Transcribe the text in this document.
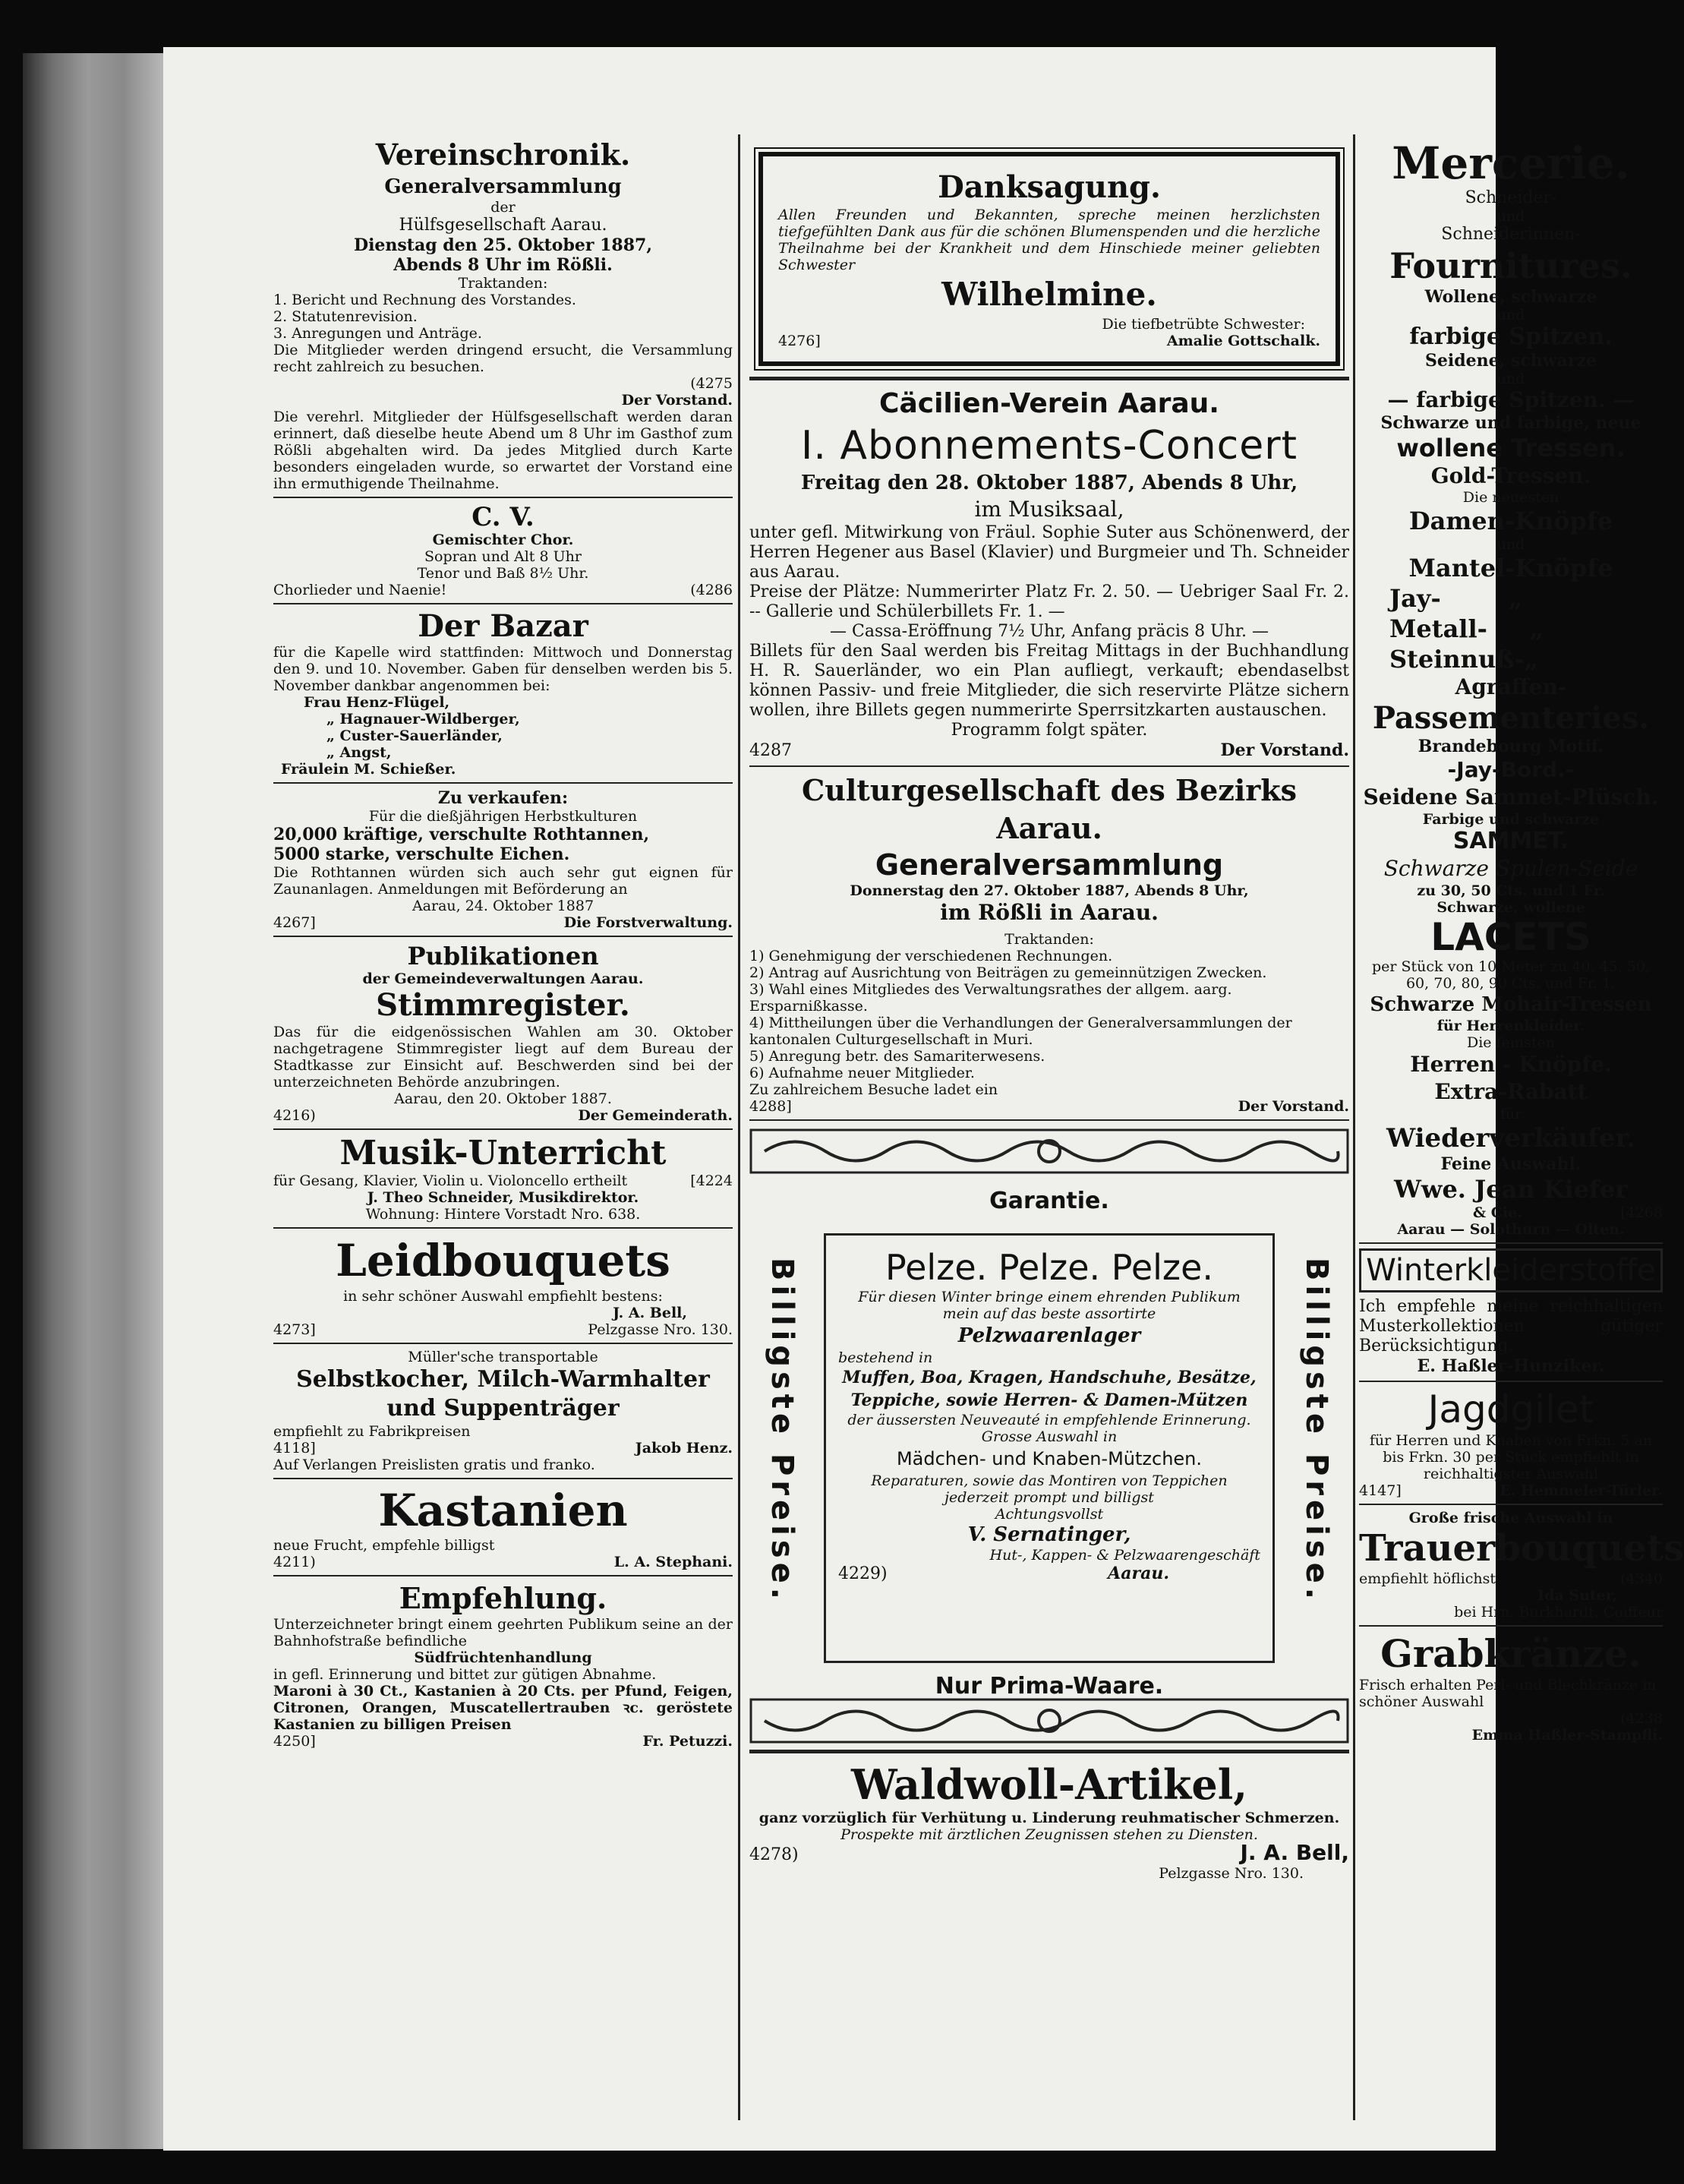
Vereinschronik.
Generalversammlung
der
Hülfsgesellschaft Aarau.
Dienstag den 25. Oktober 1887,
Abends 8 Uhr im Rößli.
Traktanden:
1. Bericht und Rechnung des Vorstandes.
2. Statutenrevision.
3. Anregungen und Anträge.
Die Mitglieder werden dringend ersucht, die Versammlung recht zahlreich zu besuchen.
(4275
Der Vorstand.
Die verehrl. Mitglieder der Hülfsgesellschaft werden daran erinnert, daß dieselbe heute Abend um 8 Uhr im Gasthof zum Rößli abgehalten wird. Da jedes Mitglied durch Karte besonders eingeladen wurde, so erwartet der Vorstand eine ihn ermuthigende Theilnahme.
C. V.
Gemischter Chor.
Sopran und Alt 8 Uhr
Tenor und Baß 8½ Uhr.
Chorlieder und Naenie!	(4286
Der Bazar
für die Kapelle wird stattfinden: Mittwoch und Donnerstag den 9. und 10. November. Gaben für denselben werden bis 5. November dankbar angenommen bei:
Frau Henz-Flügel,
„ Hagnauer-Wildberger,
„ Custer-Sauerländer,
„ Angst,
Fräulein M. Schießer.
Zu verkaufen:
Für die dießjährigen Herbstkulturen
20,000 kräftige, verschulte Rothtannen,
5000 starke, verschulte Eichen.
Die Rothtannen würden sich auch sehr gut eignen für Zaunanlagen. Anmeldungen mit Beförderung an
Aarau, 24. Oktober 1887
4267]	Die Forstverwaltung.
Publikationen
der Gemeindeverwaltungen Aarau.
Stimmregister.
Das für die eidgenössischen Wahlen am 30. Oktober nachgetragene Stimmregister liegt auf dem Bureau der Stadtkasse zur Einsicht auf. Beschwerden sind bei der unterzeichneten Behörde anzubringen.
Aarau, den 20. Oktober 1887.
4216)	Der Gemeinderath.
Musik-Unterricht
für Gesang, Klavier, Violin u. Violoncello ertheilt	[4224
J. Theo Schneider, Musikdirektor.
Wohnung: Hintere Vorstadt Nro. 638.
Leidbouquets
in sehr schöner Auswahl empfiehlt bestens:
J. A. Bell,
4273]	Pelzgasse Nro. 130.
Müller'sche transportable
Selbstkocher, Milch-Warmhalter und Suppenträger
empfiehlt zu Fabrikpreisen
4118]	Jakob Henz.
Auf Verlangen Preislisten gratis und franko.
Kastanien
neue Frucht, empfehle billigst
4211)	L. A. Stephani.
Empfehlung.
Unterzeichneter bringt einem geehrten Publikum seine an der Bahnhofstraße befindliche
Südfrüchtenhandlung
in gefl. Erinnerung und bittet zur gütigen Abnahme.
Maroni à 30 Ct., Kastanien à 20 Cts. per Pfund, Feigen, Citronen, Orangen, Muscatellertrauben ꝛc. geröstete Kastanien zu billigen Preisen
4250]	Fr. Petuzzi.
Danksagung.
Allen Freunden und Bekannten, spreche meinen herzlichsten tiefgefühlten Dank aus für die schönen Blumenspenden und die herzliche Theilnahme bei der Krankheit und dem Hinschiede meiner geliebten Schwester
Wilhelmine.
Die tiefbetrübte Schwester:
4276]	Amalie Gottschalk.
Cäcilien-Verein Aarau.
I. Abonnements-Concert
Freitag den 28. Oktober 1887, Abends 8 Uhr,
im Musiksaal,
unter gefl. Mitwirkung von Fräul. Sophie Suter aus Schönenwerd, der Herren Hegener aus Basel (Klavier) und Burgmeier und Th. Schneider aus Aarau.
Preise der Plätze: Nummerirter Platz Fr. 2. 50. — Uebriger Saal Fr. 2. -- Gallerie und Schülerbillets Fr. 1. —
— Cassa-Eröffnung 7½ Uhr, Anfang präcis 8 Uhr. —
Billets für den Saal werden bis Freitag Mittags in der Buchhandlung H. R. Sauerländer, wo ein Plan aufliegt, verkauft; ebendaselbst können Passiv- und freie Mitglieder, die sich reservirte Plätze sichern wollen, ihre Billets gegen nummerirte Sperrsitzkarten austauschen.
Programm folgt später.
4287	Der Vorstand.
Culturgesellschaft des Bezirks Aarau.
Generalversammlung
Donnerstag den 27. Oktober 1887, Abends 8 Uhr,
im Rößli in Aarau.
Traktanden:
1) Genehmigung der verschiedenen Rechnungen.
2) Antrag auf Ausrichtung von Beiträgen zu gemeinnützigen Zwecken.
3) Wahl eines Mitgliedes des Verwaltungsrathes der allgem. aarg. Ersparnißkasse.
4) Mittheilungen über die Verhandlungen der Generalversammlungen der kantonalen Culturgesellschaft in Muri.
5) Anregung betr. des Samariterwesens.
6) Aufnahme neuer Mitglieder.
Zu zahlreichem Besuche ladet ein
4288]	Der Vorstand.
Garantie.
Billigste Preise.	Billigste Preise.
Pelze. Pelze. Pelze.
Für diesen Winter bringe einem ehrenden Publikum mein auf das beste assortirte
Pelzwaarenlager
bestehend in
Muffen, Boa, Kragen, Handschuhe, Besätze, Teppiche, sowie Herren- & Damen-Mützen
der äussersten Neuveauté in empfehlende Erinnerung.
Grosse Auswahl in
Mädchen- und Knaben-Mützchen.
Reparaturen, sowie das Montiren von Teppichen jederzeit prompt und billigst
Achtungsvollst
V. Sernatinger,
Hut-, Kappen- & Pelzwaarengeschäft
4229)	Aarau.
Nur Prima-Waare.
Waldwoll-Artikel,
ganz vorzüglich für Verhütung u. Linderung reuhmatischer Schmerzen.
Prospekte mit ärztlichen Zeugnissen stehen zu Diensten.
4278)	J. A. Bell,
Pelzgasse Nro. 130.
Mercerie.
Schneider-
und
Schneiderinnen-
Fournitures.
Wollene, schwarze
und
farbige Spitzen.
Seidene, schwarze
und
— farbige Spitzen. —
Schwarze und farbige, neue
wollene Tressen.
Gold-Tressen.
Die neuesten
Damen-Knöpfe
und
Mantel-Knöpfe
Jay-        „
Metall-     „
Steinnuß-„
Agraffen-
Passementeries.
Brandebourg Motif.
-Jay-Bord.-
Seidene Sammet-Plüsch.
Farbige und schwarze
SAMMET.
Schwarze Spulen-Seide
zu 30, 50 Cts. und 1 Fr.
Schwarze, wollene
LACETS
per Stück von 10 Meter zu 40, 45, 50, 60, 70, 80, 90 Cts. und Fr. 1.
Schwarze Mohair-Tressen
für Herrenkleider.
Die feinsten
Herren - Knöpfe.
Extra-Rabatt
für
Wiederverkäufer.
Feine Auswahl.
Wwe. Jean Kiefer
& Cie.	[4268
Aarau — Solothurn — Olten.
Winterkleiderstoffe
Ich empfehle meine reichhaltigen Musterkollektionen gütiger Berücksichtigung.
E. Haßler-Hunziker.
Jagdgilet
für Herren und Knaben von Frkn. 5 an bis Frkn. 30 per Stück empfiehlt in reichhaltigster Auswahl
4147]	E. Hemmeler-Türler.
Große frische Auswahl in
Trauerbouquets
empfiehlt höflichst	(4340
Ida Suter,
bei Hrn. Burkhardt, Coiffeur
Grabkränze.
Frisch erhalten Perl- und Blechkränze in schöner Auswahl
(4238
Emma Haßler-Stampfli.
